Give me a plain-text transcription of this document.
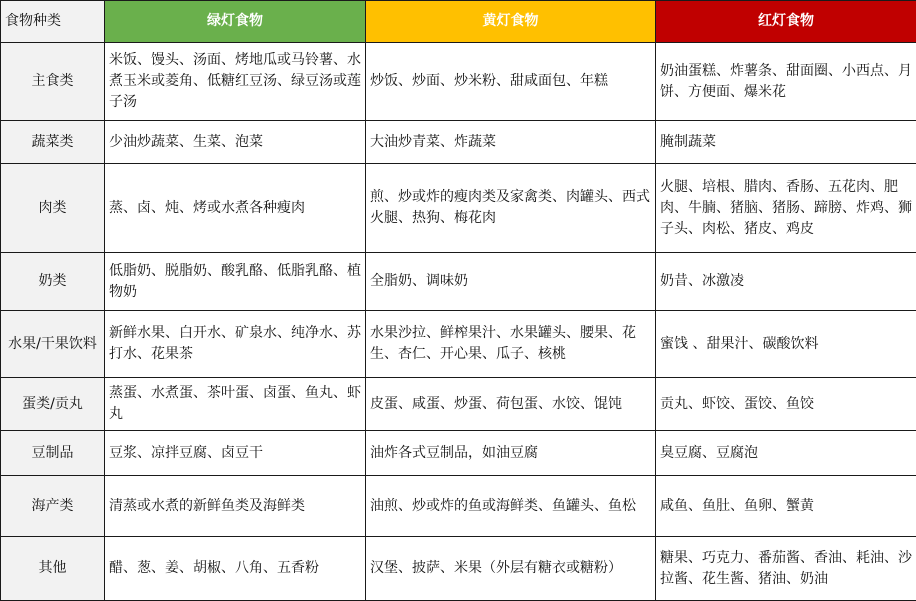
食物种类	绿灯食物	黄灯食物	红灯食物
主食类	米饭、馒头、汤面、烤地瓜或马铃薯、水煮玉米或菱角、低糖红豆汤、绿豆汤或莲子汤	炒饭、炒面、炒米粉、甜咸面包、年糕	奶油蛋糕、炸薯条、甜面圈、小西点、月饼、方便面、爆米花
蔬菜类	少油炒蔬菜、生菜、泡菜	大油炒青菜、炸蔬菜	腌制蔬菜
肉类	蒸、卤、炖、烤或水煮各种瘦肉	煎、炒或炸的瘦肉类及家禽类、肉罐头、西式火腿、热狗、梅花肉	火腿、培根、腊肉、香肠、五花肉、肥肉、牛腩、猪脑、猪肠、蹄膀、炸鸡、狮子头、肉松、猪皮、鸡皮
奶类	低脂奶、脱脂奶、酸乳酪、低脂乳酪、植物奶	全脂奶、调味奶	奶昔、冰激凌
水果/干果饮料	新鲜水果、白开水、矿泉水、纯净水、苏打水、花果茶	水果沙拉、鲜榨果汁、水果罐头、腰果、花生、杏仁、开心果、瓜子、核桃	蜜饯 、甜果汁、碳酸饮料
蛋类/贡丸	蒸蛋、水煮蛋、茶叶蛋、卤蛋、鱼丸、虾丸	皮蛋、咸蛋、炒蛋、荷包蛋、水饺、馄饨	贡丸、虾饺、蛋饺、鱼饺
豆制品	豆浆、凉拌豆腐、卤豆干	油炸各式豆制品，如油豆腐	臭豆腐、豆腐泡
海产类	清蒸或水煮的新鲜鱼类及海鲜类	油煎、炒或炸的鱼或海鲜类、鱼罐头、鱼松	咸鱼、鱼肚、鱼卵、蟹黄
其他	醋、葱、姜、胡椒、八角、五香粉	汉堡、披萨、米果（外层有糖衣或糖粉）	糖果、巧克力、番茄酱、香油、耗油、沙拉酱、花生酱、猪油、奶油
